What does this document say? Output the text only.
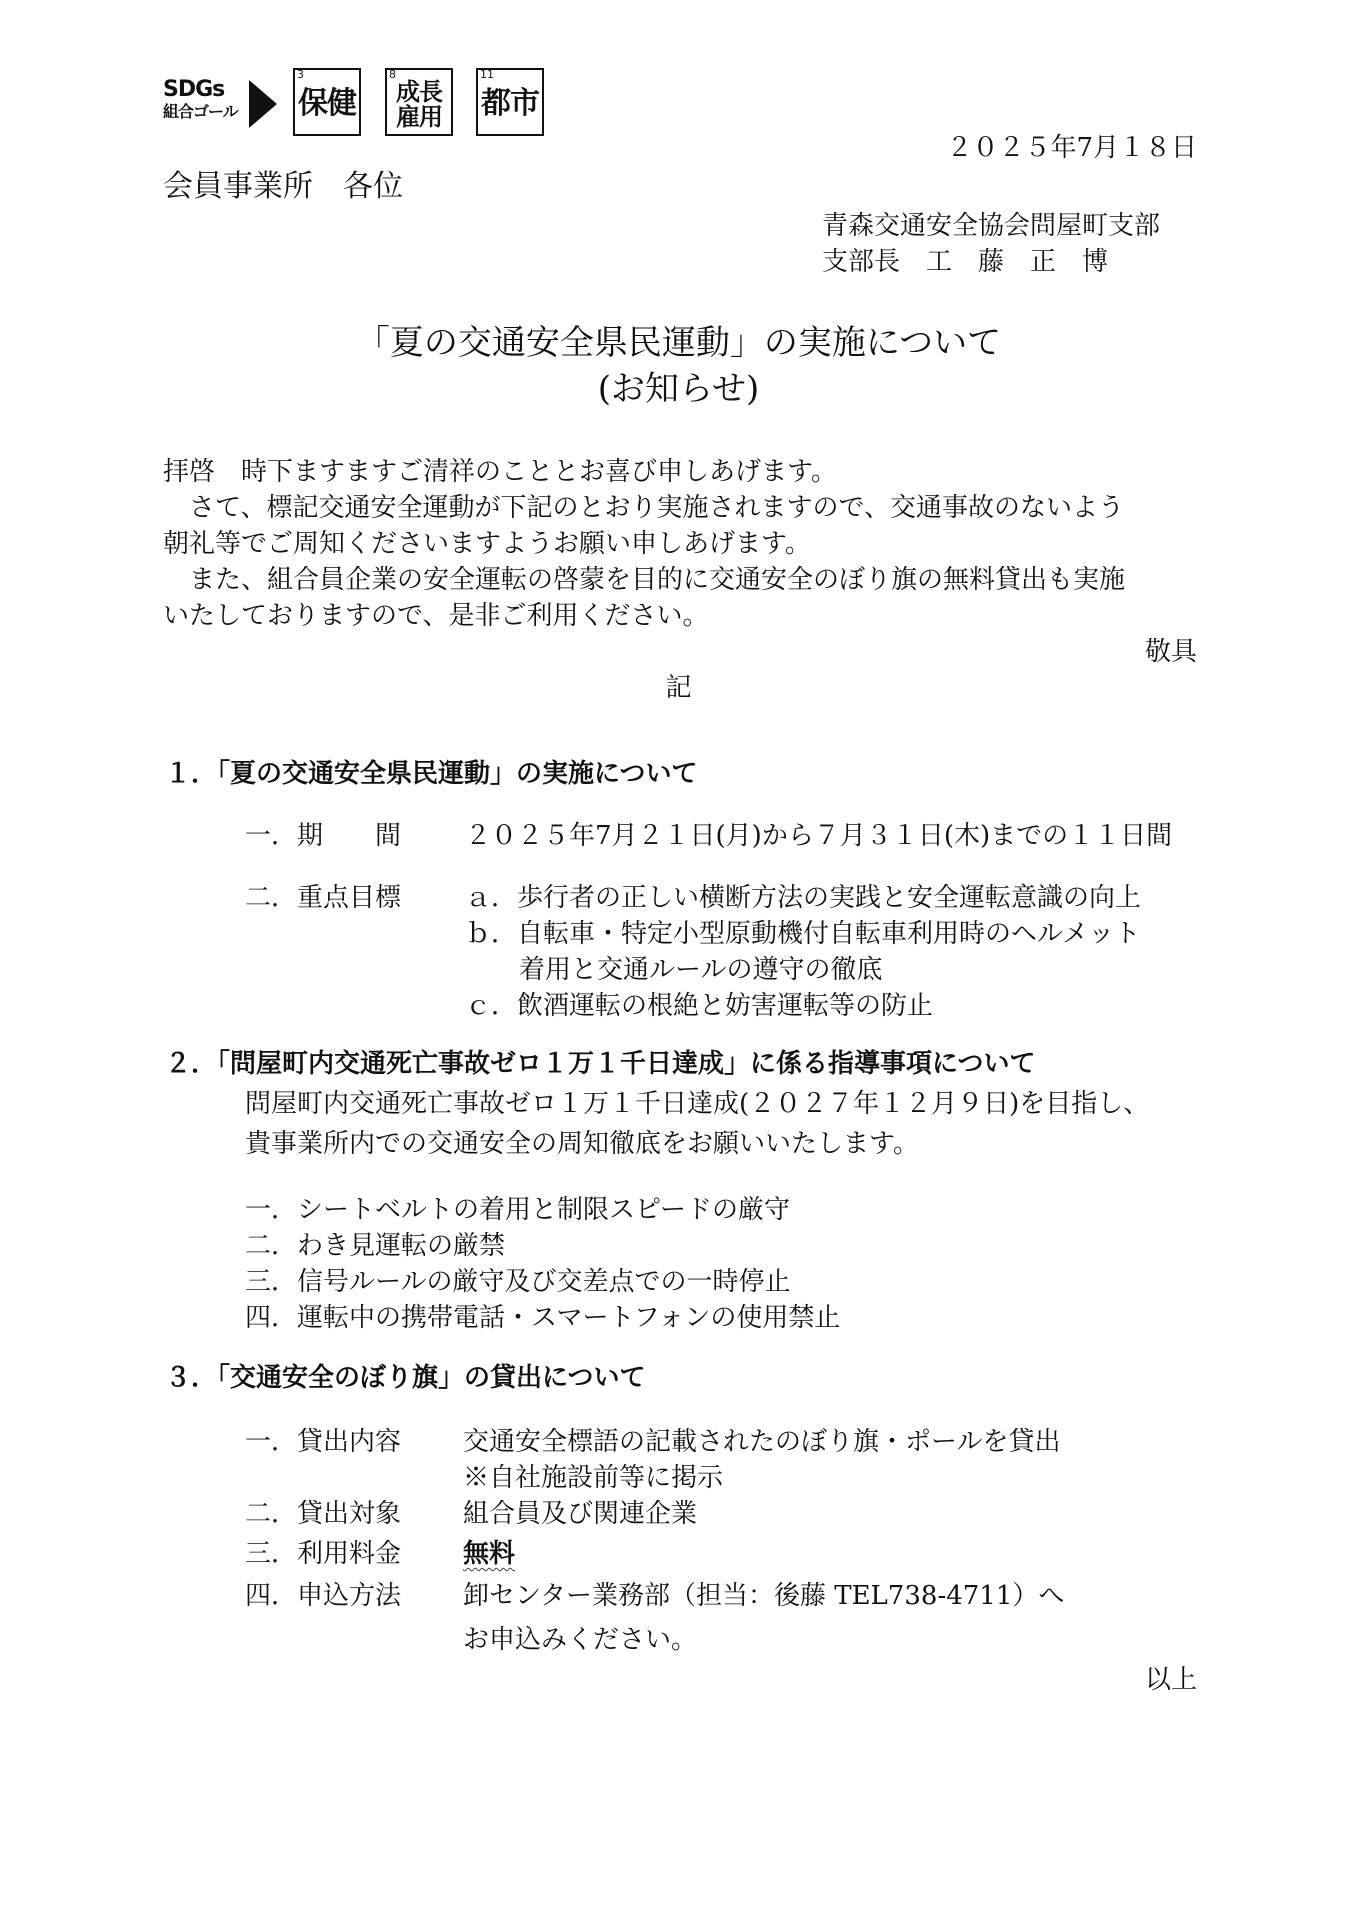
SDGs
組合ゴール
3
保健
8
成長
雇用
11
都市
２０２５年7月１８日
会員事業所　各位
青森交通安全協会問屋町支部
支部長　工　藤　正　博
「夏の交通安全県民運動」の実施について
(お知らせ)
拝啓　時下ますますご清祥のこととお喜び申しあげます。
　さて、標記交通安全運動が下記のとおり実施されますので、交通事故のないよう
朝礼等でご周知くださいますようお願い申しあげます。
　また、組合員企業の安全運転の啓蒙を目的に交通安全のぼり旗の無料貸出も実施
いたしておりますので、是非ご利用ください。
敬具
記
１．「夏の交通安全県民運動」の実施について
一．期　　間 ２０２５年7月２１日(月)から７月３１日(木)までの１１日間
二．重点目標 ａ．歩行者の正しい横断方法の実践と安全運転意識の向上
ｂ．自転車・特定小型原動機付自転車利用時のヘルメット
着用と交通ルールの遵守の徹底
ｃ．飲酒運転の根絶と妨害運転等の防止
２．「問屋町内交通死亡事故ゼロ１万１千日達成」に係る指導事項について
問屋町内交通死亡事故ゼロ１万１千日達成(２０２７年１２月９日)を目指し、
貴事業所内での交通安全の周知徹底をお願いいたします。
一．シートベルトの着用と制限スピードの厳守
二．わき見運転の厳禁
三．信号ルールの厳守及び交差点での一時停止
四．運転中の携帯電話・スマートフォンの使用禁止
３．「交通安全のぼり旗」の貸出について
一．貸出内容 交通安全標語の記載されたのぼり旗・ポールを貸出
※自社施設前等に掲示
二．貸出対象 組合員及び関連企業
三．利用料金 無料
四．申込方法 卸センター業務部（担当：後藤 TEL738-4711）へ
お申込みください。
以上
